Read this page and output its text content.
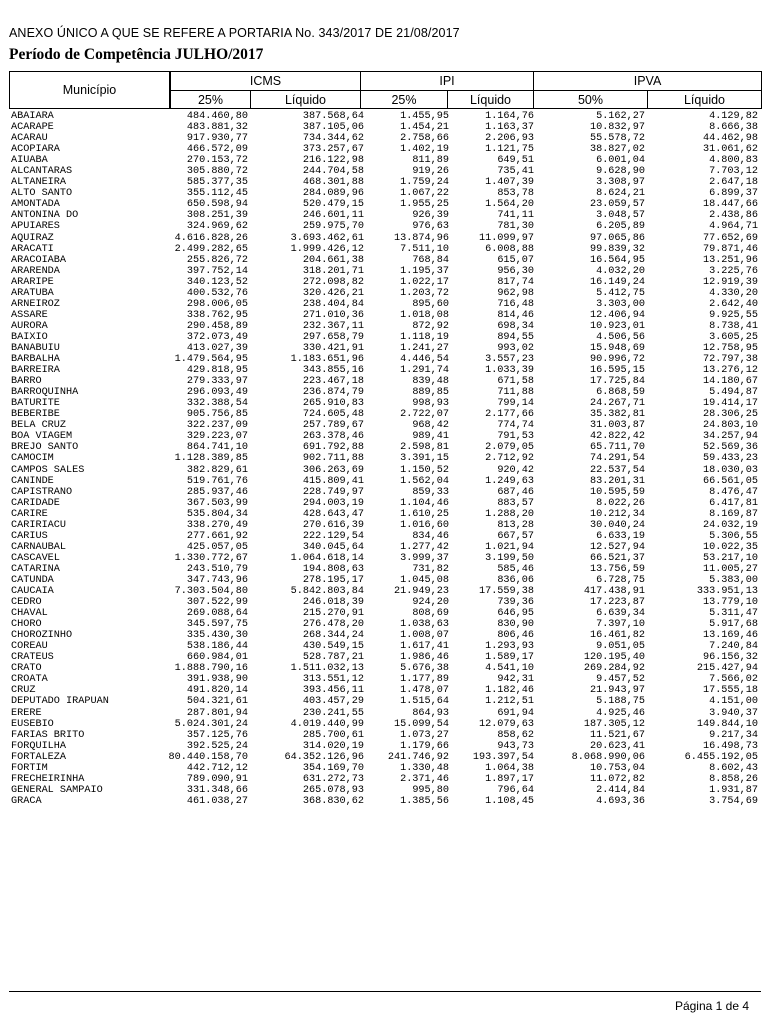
ANEXO ÚNICO A QUE SE REFERE A PORTARIA No. 343/2017 DE 21/08/2017
Período de Competência JULHO/2017
Município
ICMS
25%	Líquido
IPI
25%	Líquido
IPVA
50%	Líquido
ABAIARA	484.460,80	387.568,64	1.455,95	1.164,76	5.162,27	4.129,82
ACARAPE	483.881,32	387.105,06	1.454,21	1.163,37	10.832,97	8.666,38
ACARAU	917.930,77	734.344,62	2.758,66	2.206,93	55.578,72	44.462,98
ACOPIARA	466.572,09	373.257,67	1.402,19	1.121,75	38.827,02	31.061,62
AIUABA	270.153,72	216.122,98	811,89	649,51	6.001,04	4.800,83
ALCANTARAS	305.880,72	244.704,58	919,26	735,41	9.628,90	7.703,12
ALTANEIRA	585.377,35	468.301,88	1.759,24	1.407,39	3.308,97	2.647,18
ALTO SANTO	355.112,45	284.089,96	1.067,22	853,78	8.624,21	6.899,37
AMONTADA	650.598,94	520.479,15	1.955,25	1.564,20	23.059,57	18.447,66
ANTONINA DO	308.251,39	246.601,11	926,39	741,11	3.048,57	2.438,86
APUIARES	324.969,62	259.975,70	976,63	781,30	6.205,89	4.964,71
AQUIRAZ	4.616.828,26	3.693.462,61	13.874,96	11.099,97	97.065,86	77.652,69
ARACATI	2.499.282,65	1.999.426,12	7.511,10	6.008,88	99.839,32	79.871,46
ARACOIABA	255.826,72	204.661,38	768,84	615,07	16.564,95	13.251,96
ARARENDA	397.752,14	318.201,71	1.195,37	956,30	4.032,20	3.225,76
ARARIPE	340.123,52	272.098,82	1.022,17	817,74	16.149,24	12.919,39
ARATUBA	400.532,76	320.426,21	1.203,72	962,98	5.412,75	4.330,20
ARNEIROZ	298.006,05	238.404,84	895,60	716,48	3.303,00	2.642,40
ASSARE	338.762,95	271.010,36	1.018,08	814,46	12.406,94	9.925,55
AURORA	290.458,89	232.367,11	872,92	698,34	10.923,01	8.738,41
BAIXIO	372.073,49	297.658,79	1.118,19	894,55	4.506,56	3.605,25
BANABUIU	413.027,39	330.421,91	1.241,27	993,02	15.948,69	12.758,95
BARBALHA	1.479.564,95	1.183.651,96	4.446,54	3.557,23	90.996,72	72.797,38
BARREIRA	429.818,95	343.855,16	1.291,74	1.033,39	16.595,15	13.276,12
BARRO	279.333,97	223.467,18	839,48	671,58	17.725,84	14.180,67
BARROQUINHA	296.093,49	236.874,79	889,85	711,88	6.868,59	5.494,87
BATURITE	332.388,54	265.910,83	998,93	799,14	24.267,71	19.414,17
BEBERIBE	905.756,85	724.605,48	2.722,07	2.177,66	35.382,81	28.306,25
BELA CRUZ	322.237,09	257.789,67	968,42	774,74	31.003,87	24.803,10
BOA VIAGEM	329.223,07	263.378,46	989,41	791,53	42.822,42	34.257,94
BREJO SANTO	864.741,10	691.792,88	2.598,81	2.079,05	65.711,70	52.569,36
CAMOCIM	1.128.389,85	902.711,88	3.391,15	2.712,92	74.291,54	59.433,23
CAMPOS SALES	382.829,61	306.263,69	1.150,52	920,42	22.537,54	18.030,03
CANINDE	519.761,76	415.809,41	1.562,04	1.249,63	83.201,31	66.561,05
CAPISTRANO	285.937,46	228.749,97	859,33	687,46	10.595,59	8.476,47
CARIDADE	367.503,99	294.003,19	1.104,46	883,57	8.022,26	6.417,81
CARIRE	535.804,34	428.643,47	1.610,25	1.288,20	10.212,34	8.169,87
CARIRIACU	338.270,49	270.616,39	1.016,60	813,28	30.040,24	24.032,19
CARIUS	277.661,92	222.129,54	834,46	667,57	6.633,19	5.306,55
CARNAUBAL	425.057,05	340.045,64	1.277,42	1.021,94	12.527,94	10.022,35
CASCAVEL	1.330.772,67	1.064.618,14	3.999,37	3.199,50	66.521,37	53.217,10
CATARINA	243.510,79	194.808,63	731,82	585,46	13.756,59	11.005,27
CATUNDA	347.743,96	278.195,17	1.045,08	836,06	6.728,75	5.383,00
CAUCAIA	7.303.504,80	5.842.803,84	21.949,23	17.559,38	417.438,91	333.951,13
CEDRO	307.522,99	246.018,39	924,20	739,36	17.223,87	13.779,10
CHAVAL	269.088,64	215.270,91	808,69	646,95	6.639,34	5.311,47
CHORO	345.597,75	276.478,20	1.038,63	830,90	7.397,10	5.917,68
CHOROZINHO	335.430,30	268.344,24	1.008,07	806,46	16.461,82	13.169,46
COREAU	538.186,44	430.549,15	1.617,41	1.293,93	9.051,05	7.240,84
CRATEUS	660.984,01	528.787,21	1.986,46	1.589,17	120.195,40	96.156,32
CRATO	1.888.790,16	1.511.032,13	5.676,38	4.541,10	269.284,92	215.427,94
CROATA	391.938,90	313.551,12	1.177,89	942,31	9.457,52	7.566,02
CRUZ	491.820,14	393.456,11	1.478,07	1.182,46	21.943,97	17.555,18
DEPUTADO IRAPUAN	504.321,61	403.457,29	1.515,64	1.212,51	5.188,75	4.151,00
ERERE	287.801,94	230.241,55	864,93	691,94	4.925,46	3.940,37
EUSEBIO	5.024.301,24	4.019.440,99	15.099,54	12.079,63	187.305,12	149.844,10
FARIAS BRITO	357.125,76	285.700,61	1.073,27	858,62	11.521,67	9.217,34
FORQUILHA	392.525,24	314.020,19	1.179,66	943,73	20.623,41	16.498,73
FORTALEZA	80.440.158,70	64.352.126,96 241.746,92 193.397,54	8.068.990,06	6.455.192,05
FORTIM	442.712,12	354.169,70	1.330,48	1.064,38	10.753,04	8.602,43
FRECHEIRINHA	789.090,91	631.272,73	2.371,46	1.897,17	11.072,82	8.858,26
GENERAL SAMPAIO	331.348,66	265.078,93	995,80	796,64	2.414,84	1.931,87
GRACA	461.038,27	368.830,62	1.385,56	1.108,45	4.693,36	3.754,69
Página 1 de 4
